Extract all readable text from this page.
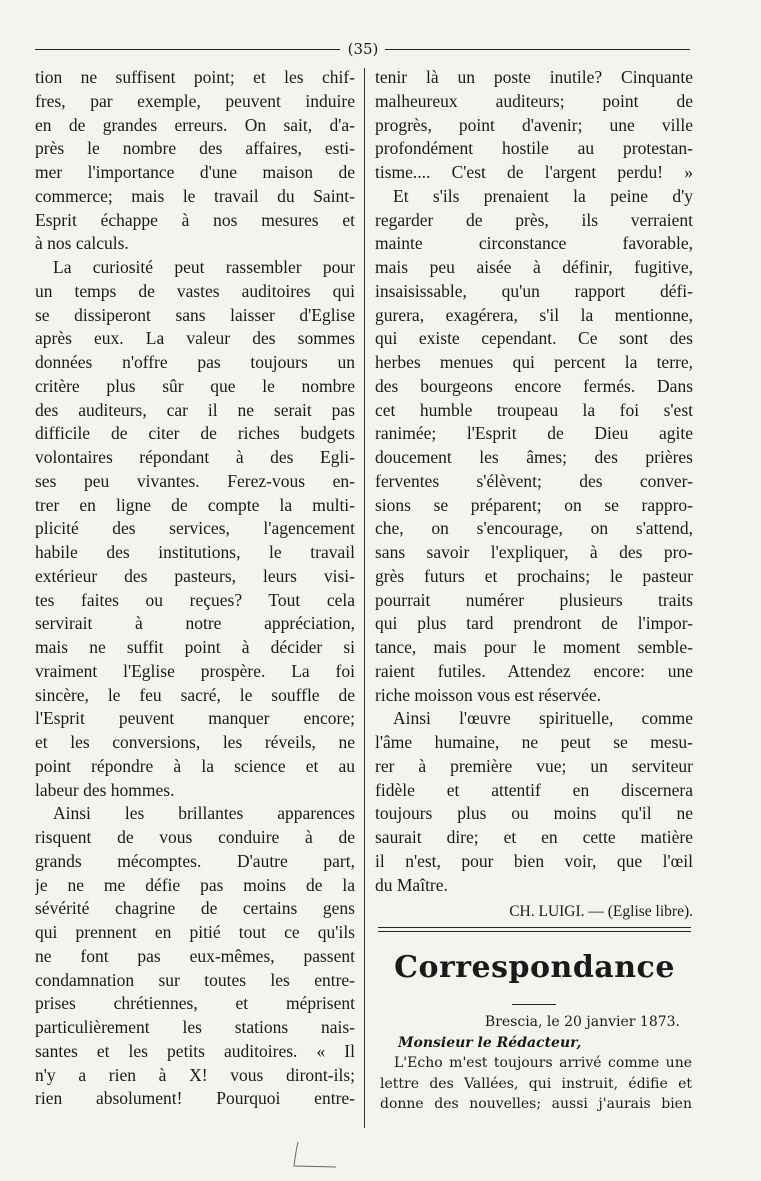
(35)
tion ne suffisent point; et les chif-
fres, par exemple, peuvent induire
en de grandes erreurs. On sait, d'a-
près le nombre des affaires, esti-
mer l'importance d'une maison de
commerce; mais le travail du Saint-
Esprit échappe à nos mesures et
à nos calculs.
La curiosité peut rassembler pour
un temps de vastes auditoires qui
se dissiperont sans laisser d'Eglise
après eux. La valeur des sommes
données n'offre pas toujours un
critère plus sûr que le nombre
des auditeurs, car il ne serait pas
difficile de citer de riches budgets
volontaires répondant à des Egli-
ses peu vivantes. Ferez-vous en-
trer en ligne de compte la multi-
plicité des services, l'agencement
habile des institutions, le travail
extérieur des pasteurs, leurs visi-
tes faites ou reçues? Tout cela
servirait à notre appréciation,
mais ne suffit point à décider si
vraiment l'Eglise prospère. La foi
sincère, le feu sacré, le souffle de
l'Esprit peuvent manquer encore;
et les conversions, les réveils, ne
point répondre à la science et au
labeur des hommes.
Ainsi les brillantes apparences
risquent de vous conduire à de
grands mécomptes. D'autre part,
je ne me défie pas moins de la
sévérité chagrine de certains gens
qui prennent en pitié tout ce qu'ils
ne font pas eux-mêmes, passent
condamnation sur toutes les entre-
prises chrétiennes, et méprisent
particulièrement les stations nais-
santes et les petits auditoires. « Il
n'y a rien à X! vous diront-ils;
rien absolument! Pourquoi entre-
tenir là un poste inutile? Cinquante
malheureux auditeurs; point de
progrès, point d'avenir; une ville
profondément hostile au protestan-
tisme.... C'est de l'argent perdu! »
Et s'ils prenaient la peine d'y
regarder de près, ils verraient
mainte circonstance favorable,
mais peu aisée à définir, fugitive,
insaisissable, qu'un rapport défi-
gurera, exagérera, s'il la mentionne,
qui existe cependant. Ce sont des
herbes menues qui percent la terre,
des bourgeons encore fermés. Dans
cet humble troupeau la foi s'est
ranimée; l'Esprit de Dieu agite
doucement les âmes; des prières
ferventes s'élèvent; des conver-
sions se préparent; on se rappro-
che, on s'encourage, on s'attend,
sans savoir l'expliquer, à des pro-
grès futurs et prochains; le pasteur
pourrait numérer plusieurs traits
qui plus tard prendront de l'impor-
tance, mais pour le moment semble-
raient futiles. Attendez encore: une
riche moisson vous est réservée.
Ainsi l'œuvre spirituelle, comme
l'âme humaine, ne peut se mesu-
rer à première vue; un serviteur
fidèle et attentif en discernera
toujours plus ou moins qu'il ne
saurait dire; et en cette matière
il n'est, pour bien voir, que l'œil
du Maître.
CH. LUIGI. — (Eglise libre).
Correspondance
Brescia, le 20 janvier 1873.
Monsieur le Rédacteur,
L'Echo m'est toujours arrivé comme une
lettre des Vallées, qui instruit, édifie et
donne des nouvelles; aussi j'aurais bien
